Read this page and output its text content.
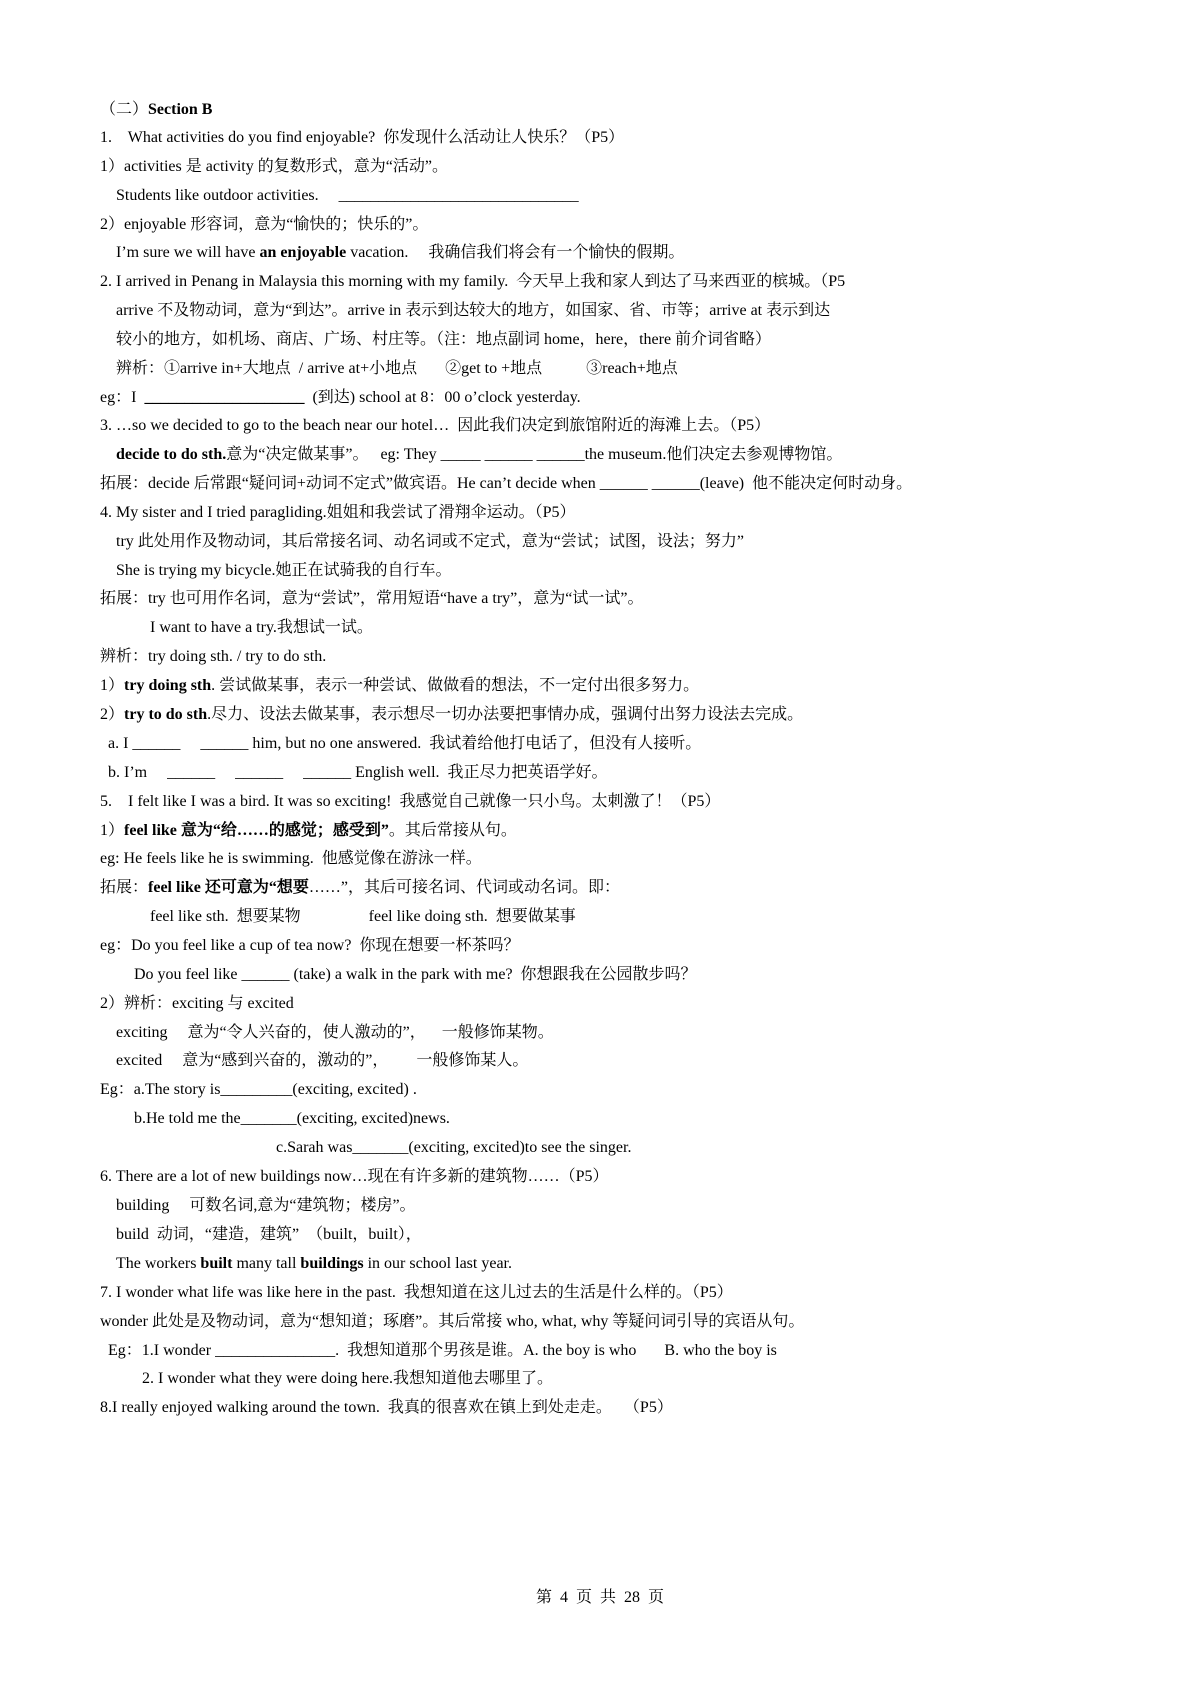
（二）Section B
1.    What activities do you find enjoyable?  你发现什么活动让人快乐？（P5）
1）activities 是 activity 的复数形式，意为“活动”。
Students like outdoor activities.     ______________________________
2）enjoyable 形容词，意为“愉快的；快乐的”。
I’m sure we will have an enjoyable vacation.     我确信我们将会有一个愉快的假期。
2. I arrived in Penang in Malaysia this morning with my family.  今天早上我和家人到达了马来西亚的槟城。（P5
arrive 不及物动词，意为“到达”。arrive in 表示到达较大的地方，如国家、省、市等；arrive at 表示到达
较小的地方，如机场、商店、广场、村庄等。（注：地点副词 home，here，there 前介词省略）
辨析：①arrive in+大地点  / arrive at+小地点       ②get to +地点           ③reach+地点
eg：I  ____________________  (到达) school at 8：00 o’clock yesterday.
3. …so we decided to go to the beach near our hotel…  因此我们决定到旅馆附近的海滩上去。（P5）
decide to do sth.意为“决定做某事”。   eg: They _____ ______ ______the museum.他们决定去参观博物馆。
拓展：decide 后常跟“疑问词+动词不定式”做宾语。He can’t decide when ______ ______(leave)  他不能决定何时动身。
4. My sister and I tried paragliding.姐姐和我尝试了滑翔伞运动。（P5）
try 此处用作及物动词，其后常接名词、动名词或不定式，意为“尝试；试图，设法；努力”
She is trying my bicycle.她正在试骑我的自行车。
拓展：try 也可用作名词，意为“尝试”，常用短语“have a try”，意为“试一试”。
I want to have a try.我想试一试。
辨析：try doing sth. / try to do sth.
1）try doing sth. 尝试做某事，表示一种尝试、做做看的想法，不一定付出很多努力。
2）try to do sth.尽力、设法去做某事，表示想尽一切办法要把事情办成，强调付出努力设法去完成。
a. I ______     ______ him, but no one answered.  我试着给他打电话了，但没有人接听。
b. I’m     ______     ______     ______ English well.  我正尽力把英语学好。
5.    I felt like I was a bird. It was so exciting!  我感觉自己就像一只小鸟。太刺激了！（P5）
1）feel like 意为“给……的感觉；感受到”。其后常接从句。
eg: He feels like he is swimming.  他感觉像在游泳一样。
拓展：feel like 还可意为“想要……”，其后可接名词、代词或动名词。即：
feel like sth.  想要某物                 feel like doing sth.  想要做某事
eg：Do you feel like a cup of tea now?  你现在想要一杯茶吗？
Do you feel like ______ (take) a walk in the park with me?  你想跟我在公园散步吗？
2）辨析：exciting 与 excited
exciting     意为“令人兴奋的，使人激动的”，    一般修饰某物。
excited     意为“感到兴奋的，激动的”，       一般修饰某人。
Eg：a.The story is_________(exciting, excited) .
b.He told me the_______(exciting, excited)news.
c.Sarah was_______(exciting, excited)to see the singer.
6. There are a lot of new buildings now…现在有许多新的建筑物……（P5）
building     可数名词,意为“建筑物；楼房”。
build  动词，“建造，建筑”  （built，built），
The workers built many tall buildings in our school last year.
7. I wonder what life was like here in the past.  我想知道在这儿过去的生活是什么样的。（P5）
wonder 此处是及物动词，意为“想知道；琢磨”。其后常接 who, what, why 等疑问词引导的宾语从句。
Eg：1.I wonder _______________.  我想知道那个男孩是谁。A. the boy is who       B. who the boy is
2. I wonder what they were doing here.我想知道他去哪里了。
8.I really enjoyed walking around the town.  我真的很喜欢在镇上到处走走。   （P5）
第  4  页  共  28  页
